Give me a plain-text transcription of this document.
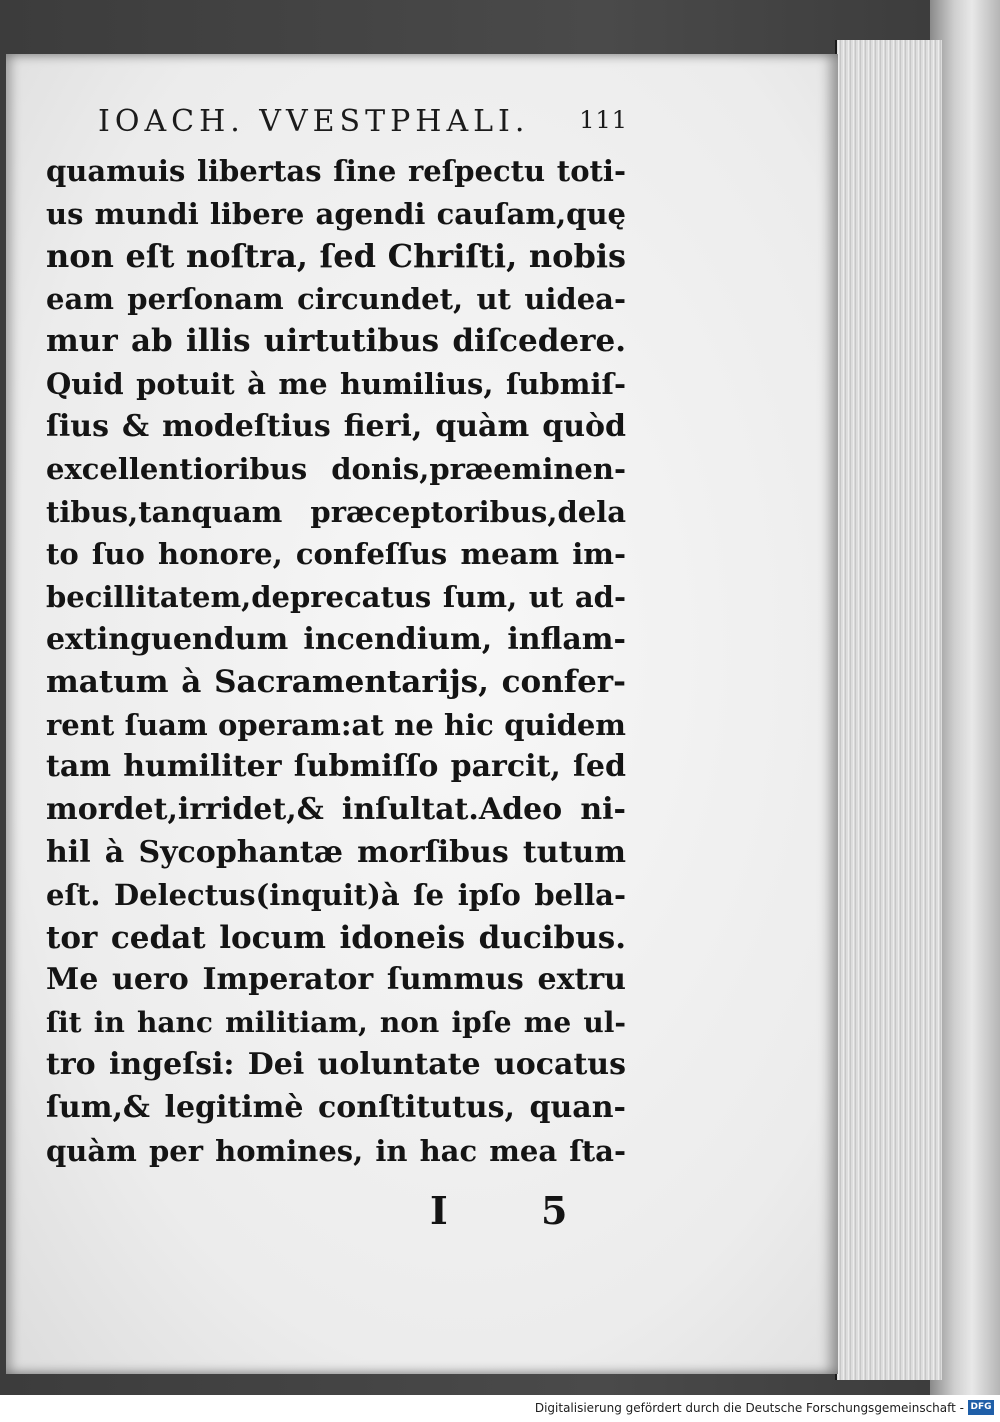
IOACH. VVESTPHALI. 111
quamuis libertas ſine reſpectu toti-
us mundi libere agendi cauſam,quę
non eſt noſtra, ſed Chriſti, nobis
eam perſonam circundet, ut uidea-
mur ab illis uirtutibus diſcedere.
Quid potuit à me humilius, ſubmiſ-
ſius & modeſtius fieri, quàm quòd
excellentioribus donis,præeminen-
tibus,tanquam præceptoribus,dela
to ſuo honore, confeſſus meam im-
becillitatem,deprecatus ſum, ut ad-
extinguendum incendium, inflam-
matum à Sacramentarijs, confer-
rent ſuam operam:at ne hic quidem
tam humiliter ſubmiſſo parcit, ſed
mordet,irridet,& inſultat.Adeo ni-
hil à Sycophantæ morſibus tutum
eſt. Delectus(inquit)à ſe ipſo bella-
tor cedat locum idoneis ducibus.
Me uero Imperator ſummus extru
ſit in hanc militiam, non ipſe me ul-
tro ingeſsi: Dei uoluntate uocatus
ſum,& legitimè conſtitutus, quan-
quàm per homines, in hac mea ſta-
I 5
Digitalisierung gefördert durch die Deutsche Forschungsgemeinschaft - DFG
